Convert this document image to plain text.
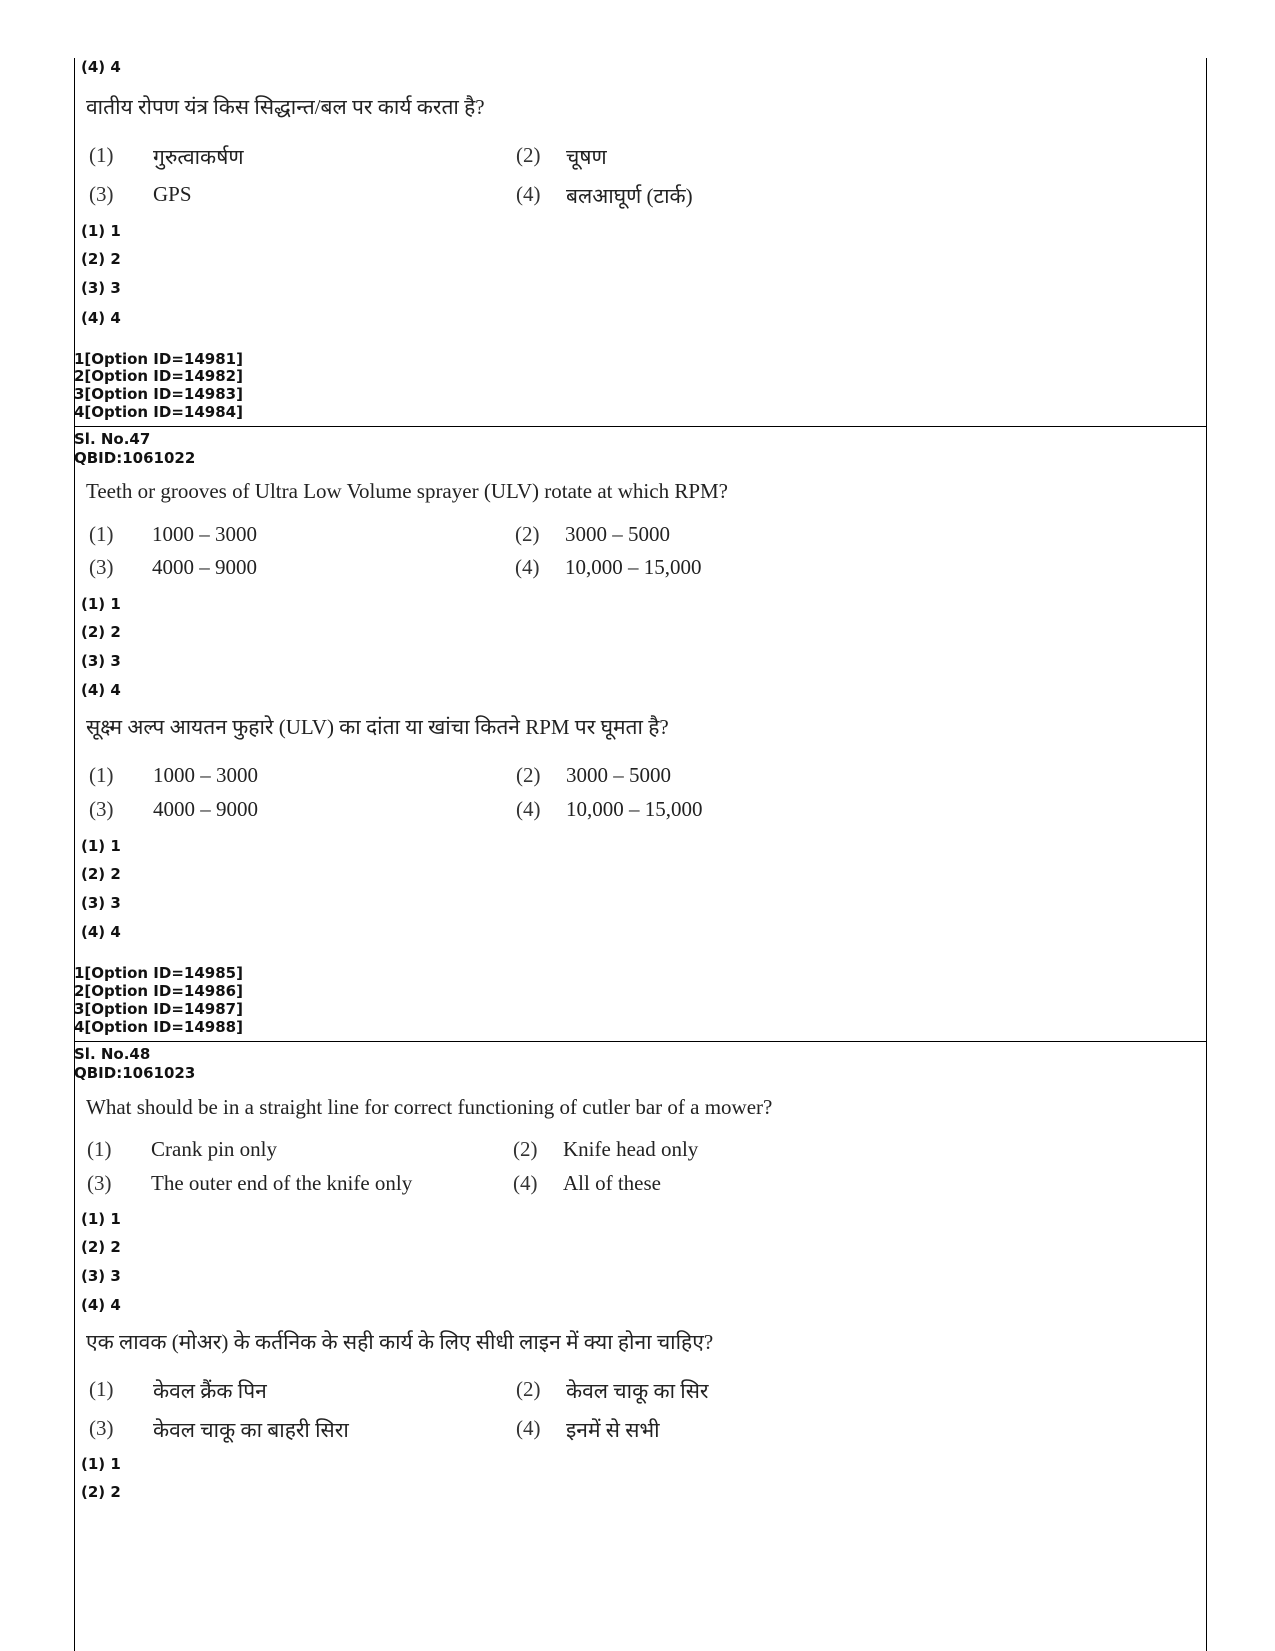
(4) 4
वातीय रोपण यंत्र किस सिद्धान्त/बल पर कार्य करता है?
(1) गुरुत्वाकर्षण	(2) चूषण
(3) GPS	(4) बलआघूर्ण (टार्क)
(1) 1
(2) 2
(3) 3
(4) 4
1[Option ID=14981]
2[Option ID=14982]
3[Option ID=14983]
4[Option ID=14984]
Sl. No.47
QBID:1061022
Teeth or grooves of Ultra Low Volume sprayer (ULV) rotate at which RPM?
(1) 1000 – 3000	(2) 3000 – 5000
(3) 4000 – 9000	(4) 10,000 – 15,000
(1) 1
(2) 2
(3) 3
(4) 4
सूक्ष्म अल्प आयतन फुहारे (ULV) का दांता या खांचा कितने RPM पर घूमता है?
(1) 1000 – 3000	(2) 3000 – 5000
(3) 4000 – 9000	(4) 10,000 – 15,000
(1) 1
(2) 2
(3) 3
(4) 4
1[Option ID=14985]
2[Option ID=14986]
3[Option ID=14987]
4[Option ID=14988]
Sl. No.48
QBID:1061023
What should be in a straight line for correct functioning of cutler bar of a mower?
(1) Crank pin only	(2) Knife head only
(3) The outer end of the knife only	(4) All of these
(1) 1
(2) 2
(3) 3
(4) 4
एक लावक (मोअर) के कर्तनिक के सही कार्य के लिए सीधी लाइन में क्या होना चाहिए?
(1) केवल क्रैंक पिन	(2) केवल चाकू का सिर
(3) केवल चाकू का बाहरी सिरा	(4) इनमें से सभी
(1) 1
(2) 2
